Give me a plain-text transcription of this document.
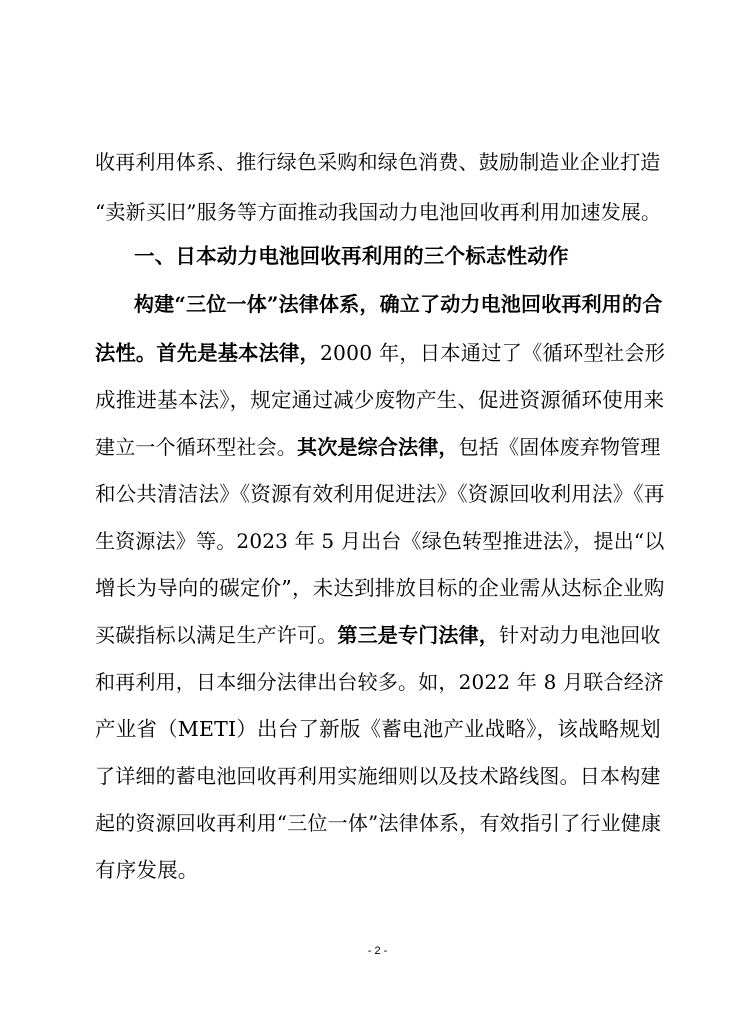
收再利用体系、推行绿色采购和绿色消费、鼓励制造业企业打造
“卖新买旧”服务等方面推动我国动力电池回收再利用加速发展。
一、日本动力电池回收再利用的三个标志性动作
构建“三位一体”法律体系，确立了动力电池回收再利用的合
法性。首先是基本法律，2000 年，日本通过了《循环型社会形
成推进基本法》，规定通过减少废物产生、促进资源循环使用来
建立一个循环型社会。其次是综合法律，包括《固体废弃物管理
和公共清洁法》《资源有效利用促进法》《资源回收利用法》《再
生资源法》等。2023 年 5 月出台《绿色转型推进法》，提出“以
增长为导向的碳定价”，未达到排放目标的企业需从达标企业购
买碳指标以满足生产许可。第三是专门法律，针对动力电池回收
和再利用，日本细分法律出台较多。如，2022 年 8 月联合经济
产业省（METI）出台了新版《蓄电池产业战略》，该战略规划
了详细的蓄电池回收再利用实施细则以及技术路线图。日本构建
起的资源回收再利用“三位一体”法律体系，有效指引了行业健康
有序发展。
- 2 -
